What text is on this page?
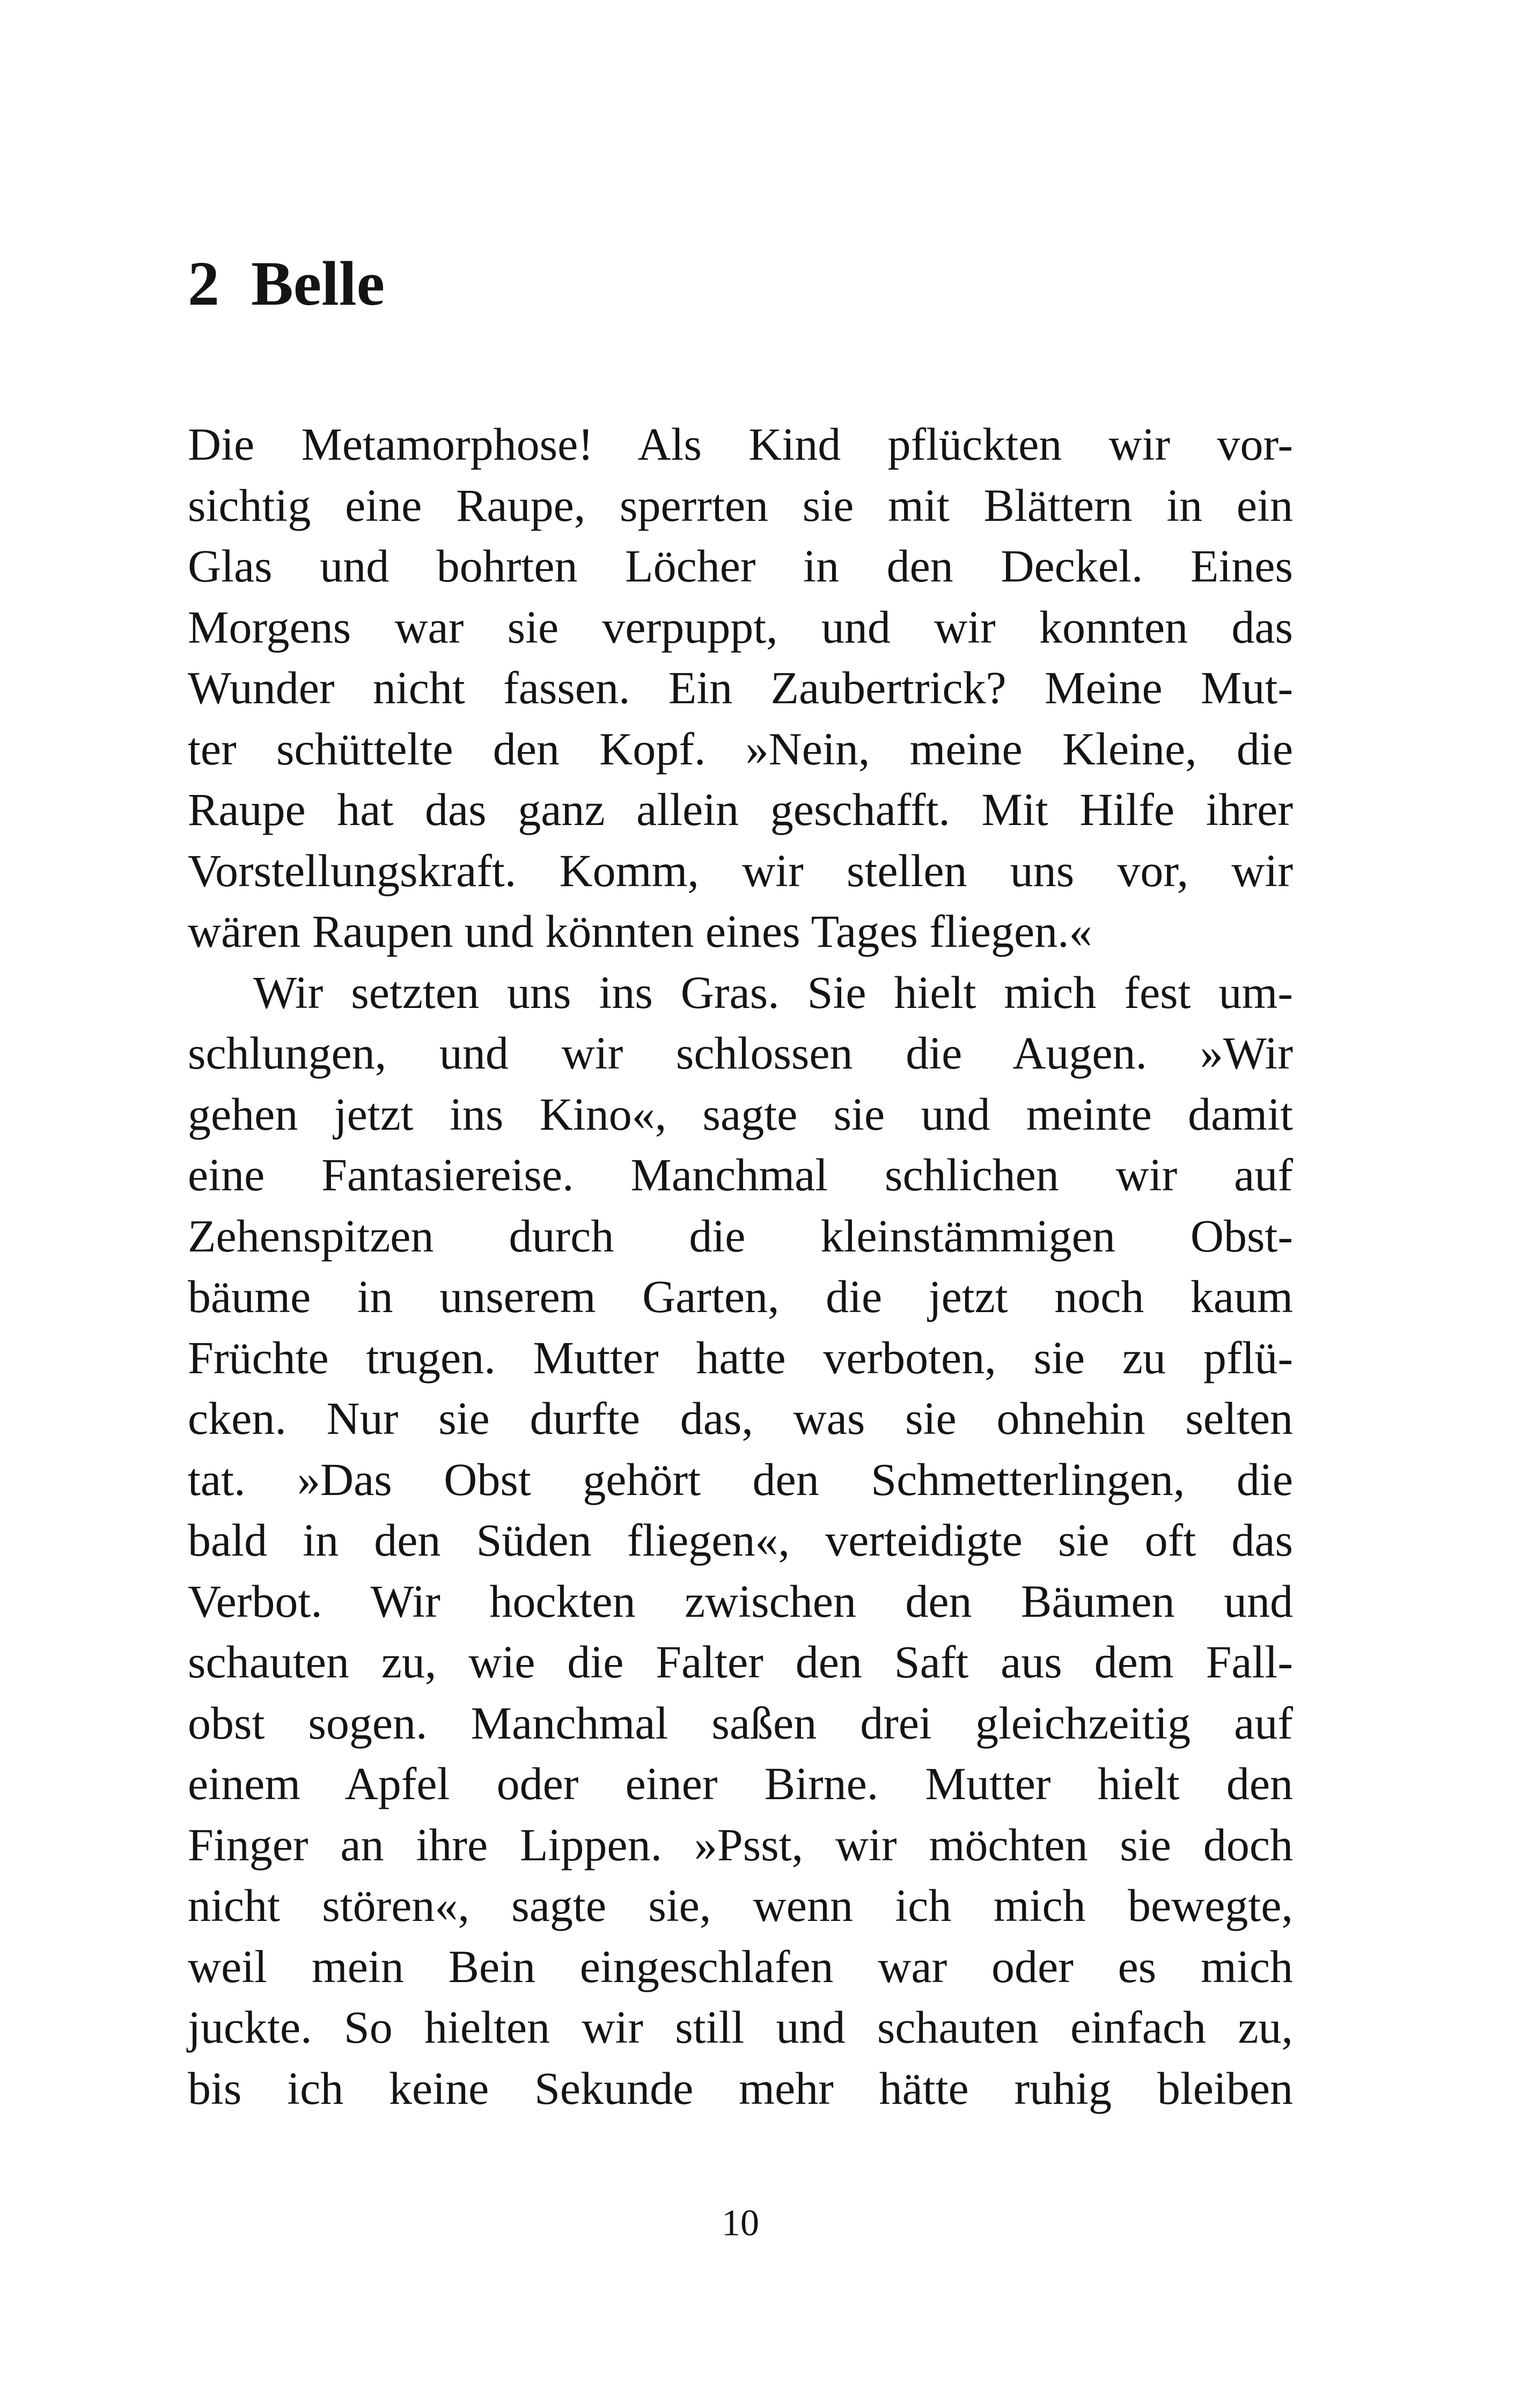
2  Belle
Die Metamorphose! Als Kind pflückten wir vor-
sichtig eine Raupe, sperrten sie mit Blättern in ein
Glas und bohrten Löcher in den Deckel. Eines
Morgens war sie verpuppt, und wir konnten das
Wunder nicht fassen. Ein Zaubertrick? Meine Mut-
ter schüttelte den Kopf. »Nein, meine Kleine, die
Raupe hat das ganz allein geschafft. Mit Hilfe ihrer
Vorstellungskraft. Komm, wir stellen uns vor, wir
wären Raupen und könnten eines Tages fliegen.«
Wir setzten uns ins Gras. Sie hielt mich fest um-
schlungen, und wir schlossen die Augen. »Wir
gehen jetzt ins Kino«, sagte sie und meinte damit
eine Fantasiereise. Manchmal schlichen wir auf
Zehenspitzen durch die kleinstämmigen Obst-
bäume in unserem Garten, die jetzt noch kaum
Früchte trugen. Mutter hatte verboten, sie zu pflü-
cken. Nur sie durfte das, was sie ohnehin selten
tat. »Das Obst gehört den Schmetterlingen, die
bald in den Süden fliegen«, verteidigte sie oft das
Verbot. Wir hockten zwischen den Bäumen und
schauten zu, wie die Falter den Saft aus dem Fall-
obst sogen. Manchmal saßen drei gleichzeitig auf
einem Apfel oder einer Birne. Mutter hielt den
Finger an ihre Lippen. »Psst, wir möchten sie doch
nicht stören«, sagte sie, wenn ich mich bewegte,
weil mein Bein eingeschlafen war oder es mich
juckte. So hielten wir still und schauten einfach zu,
bis ich keine Sekunde mehr hätte ruhig bleiben
10
